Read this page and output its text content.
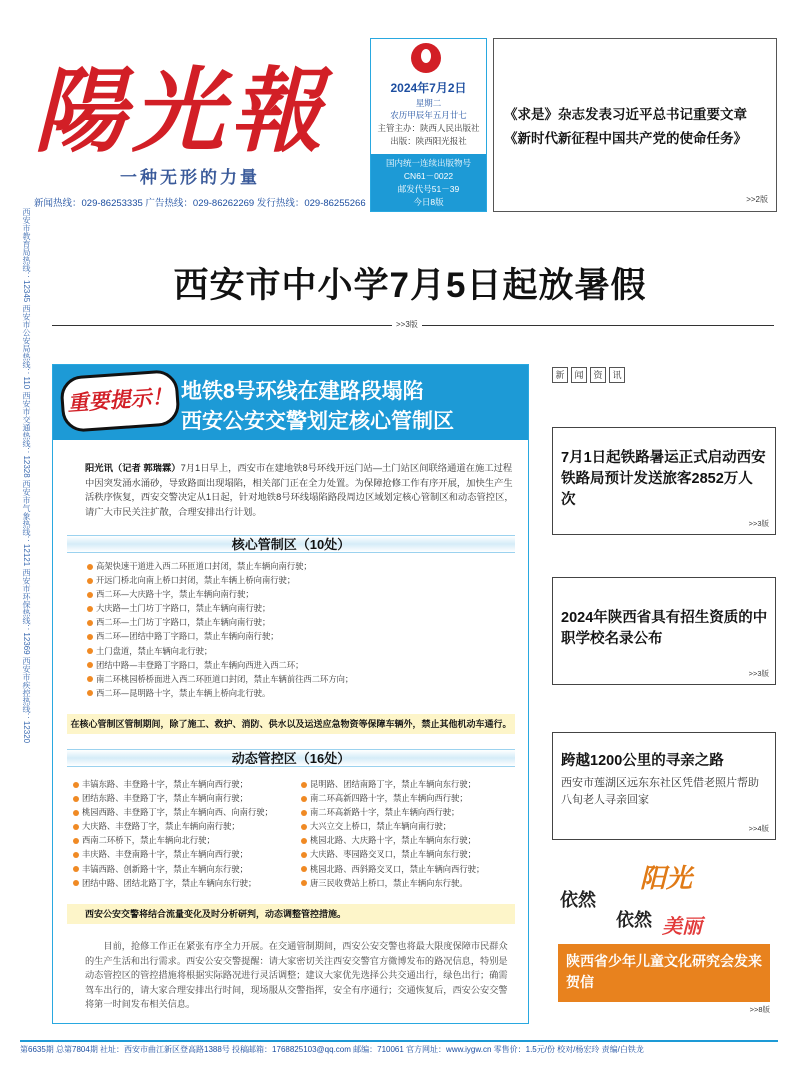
陽光報
一种无形的力量
新闻热线：029-86253335 广告热线：029-86262269 发行热线：029-86255266
2024年7月2日
星期二
农历甲辰年五月廿七
主管主办：陕西人民出版社
出版：陕西阳光报社
国内统一连续出版物号
CN61－0022
邮发代号51－39
今日8版
《求是》杂志发表习近平总书记重要文章
《新时代新征程中国共产党的使命任务》
>>2版
西安市教育局热线：12345 西安市公安局热线：110 西安市交通热线：12328 西安市气象热线：12121 西安市环保热线：12369 西安市疾控热线：12320	西安市中小学7月5日起放暑假
>>3版
重要提示！ 地铁8号环线在建路段塌陷
西安公安交警划定核心管制区
阳光讯（记者 郭瑞霖）7月1日早上，西安市在建地铁8号环线开远门站—土门站区间联络通道在施工过程中因突发涌水涌砂，导致路面出现塌陷，相关部门正在全力处置。为保障抢修工作有序开展，加快生产生活秩序恢复，西安交警决定从1日起，针对地铁8号环线塌陷路段周边区域划定核心管制区和动态管控区，请广大市民关注扩散，合理安排出行计划。
核心管制区（10处）
高架快速干道进入西二环匝道口封闭，禁止车辆向南行驶；
开远门桥北向南上桥口封闭，禁止车辆上桥向南行驶；
西二环—大庆路十字，禁止车辆向南行驶；
大庆路—土门坊丁字路口，禁止车辆向南行驶；
西二环—土门坊丁字路口，禁止车辆向南行驶；
西二环—团结中路丁字路口，禁止车辆向南行驶；
土门盘道，禁止车辆向北行驶；
团结中路—丰登路丁字路口，禁止车辆向西进入西二环；
南二环桃园桥桥面进入西二环匝道口封闭，禁止车辆前往西二环方向；
西二环—昆明路十字，禁止车辆上桥向北行驶。
在核心管制区管制期间，除了施工、救护、消防、供水以及运送应急物资等保障车辆外，禁止其他机动车通行。
动态管控区（16处）
丰镐东路、丰登路十字，禁止车辆向西行驶；
团结东路、丰登路丁字，禁止车辆向南行驶；
桃园西路、丰登路丁字，禁止车辆向西、向南行驶；
大庆路、丰登路丁字，禁止车辆向南行驶；
西南二环桥下，禁止车辆向北行驶；
丰庆路、丰登南路十字，禁止车辆向西行驶；
丰镐西路、创新路十字，禁止车辆向东行驶；
团结中路、团结北路丁字，禁止车辆向东行驶；
昆明路、团结南路丁字，禁止车辆向东行驶；
南二环高新四路十字，禁止车辆向西行驶；
南二环高新路十字，禁止车辆向西行驶；
大兴立交上桥口，禁止车辆向南行驶；
桃园北路、大庆路十字，禁止车辆向东行驶；
大庆路、枣园路交叉口，禁止车辆向东行驶；
桃园北路、西斜路交叉口，禁止车辆向西行驶；
唐三民收费站上桥口，禁止车辆向东行驶。
西安公安交警将结合流量变化及时分析研判，动态调整管控措施。
目前，抢修工作正在紧张有序全力开展。在交通管制期间，西安公安交警也将最大限度保障市民群众的生产生活和出行需求。西安公安交警提醒：请大家密切关注西安交警官方微博发布的路况信息，特别是动态管控区的管控措施将根据实际路况进行灵活调整；建议大家优先选择公共交通出行，绿色出行；确需驾车出行的，请大家合理安排出行时间，现场服从交警指挥，安全有序通行；交通恢复后，西安公安交警将第一时间发布相关信息。
新 闻 资 讯
7月1日起铁路暑运正式启动西安铁路局预计发送旅客2852万人次
>>3版
2024年陕西省具有招生资质的中职学校名录公布
>>3版
跨越1200公里的寻亲之路
西安市莲湖区远东东社区凭借老照片帮助八旬老人寻亲回家
>>4版
依然
阳光
依然 美丽
陕西省少年儿童文化研究会发来贺信
>>8版
第6635期 总第7804期 社址：西安市曲江新区登高路1388号 投稿邮箱：1768825103@qq.com 邮编：710061 官方网址：www.iygw.cn 零售价：1.5元/份 校对/杨宏玲 责编/白铁龙
